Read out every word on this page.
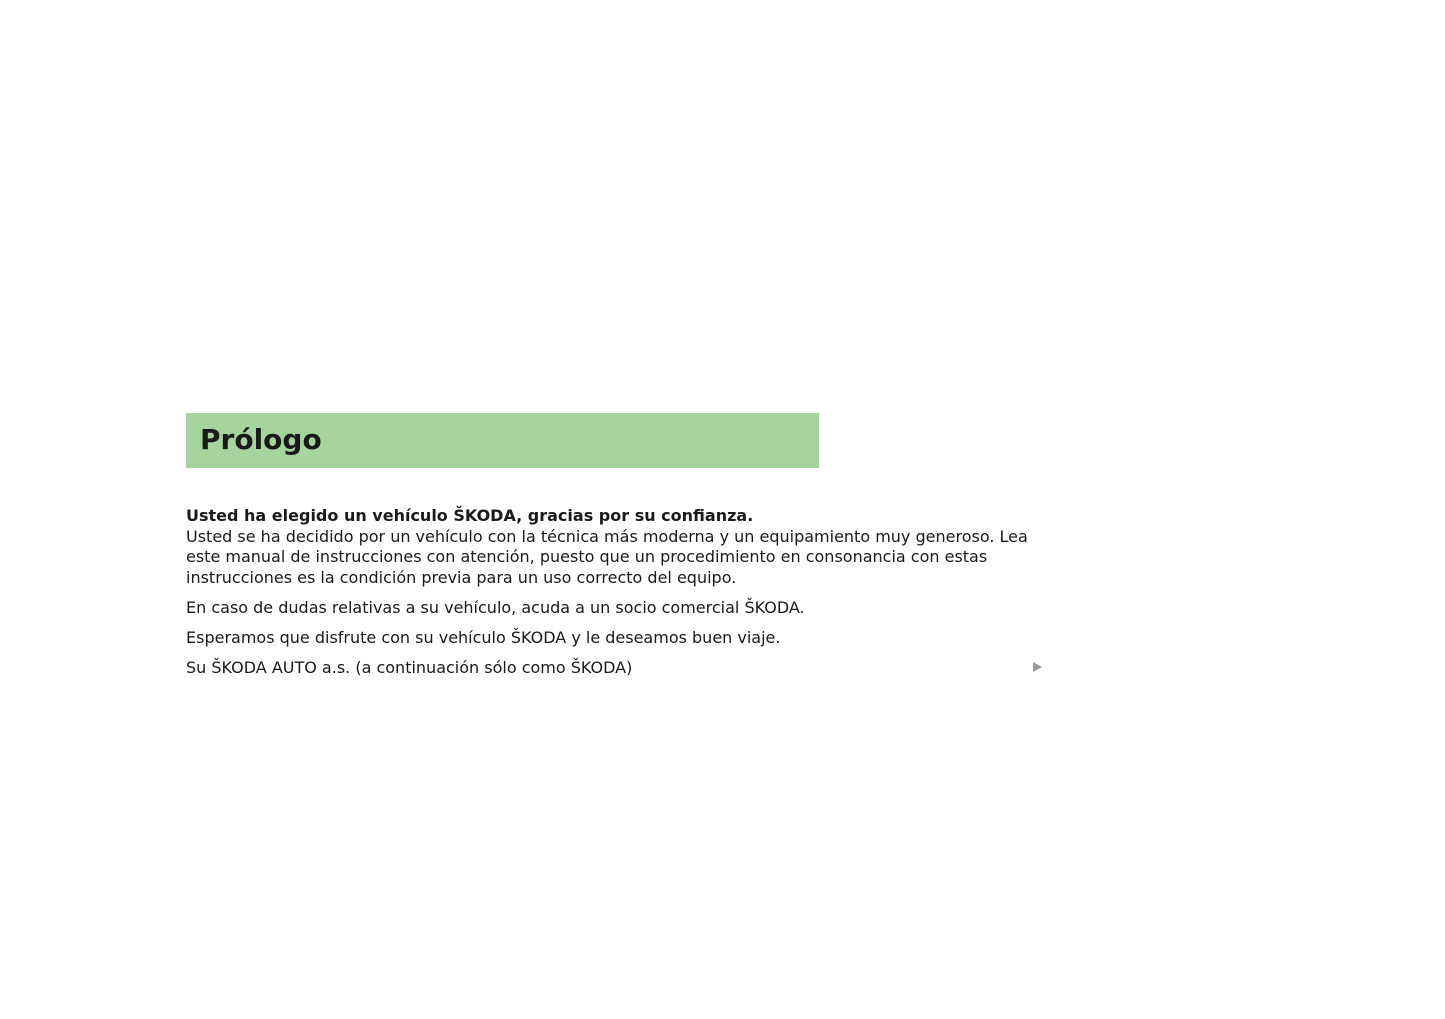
Prólogo

Usted ha elegido un vehículo ŠKODA, gracias por su confianza.
Usted se ha decidido por un vehículo con la técnica más moderna y un equipamiento muy generoso. Lea este manual de instrucciones con atención, puesto que un procedimiento en consonancia con estas instrucciones es la condición previa para un uso correcto del equipo.

En caso de dudas relativas a su vehículo, acuda a un socio comercial ŠKODA.

Esperamos que disfrute con su vehículo ŠKODA y le deseamos buen viaje.

Su ŠKODA AUTO a.s. (a continuación sólo como ŠKODA)
